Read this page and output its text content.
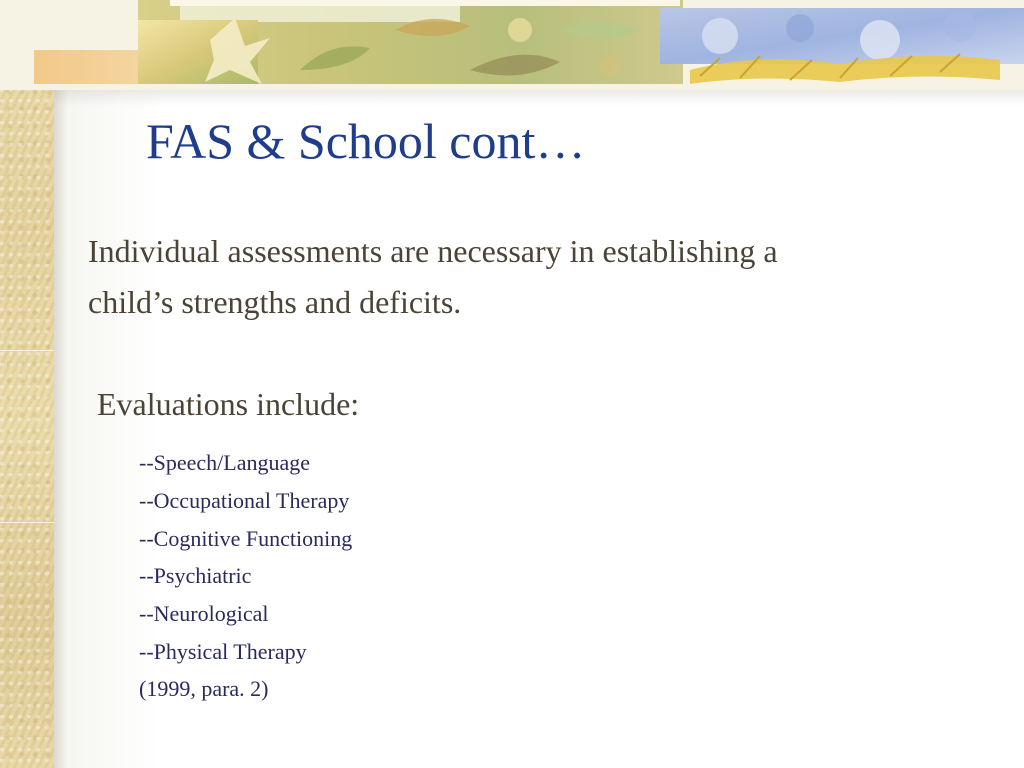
FAS & School cont…
Individual assessments are necessary in establishing a
child’s strengths and deficits.
Evaluations include:
--Speech/Language
--Occupational Therapy
--Cognitive Functioning
--Psychiatric
--Neurological
--Physical Therapy
(1999, para. 2)
